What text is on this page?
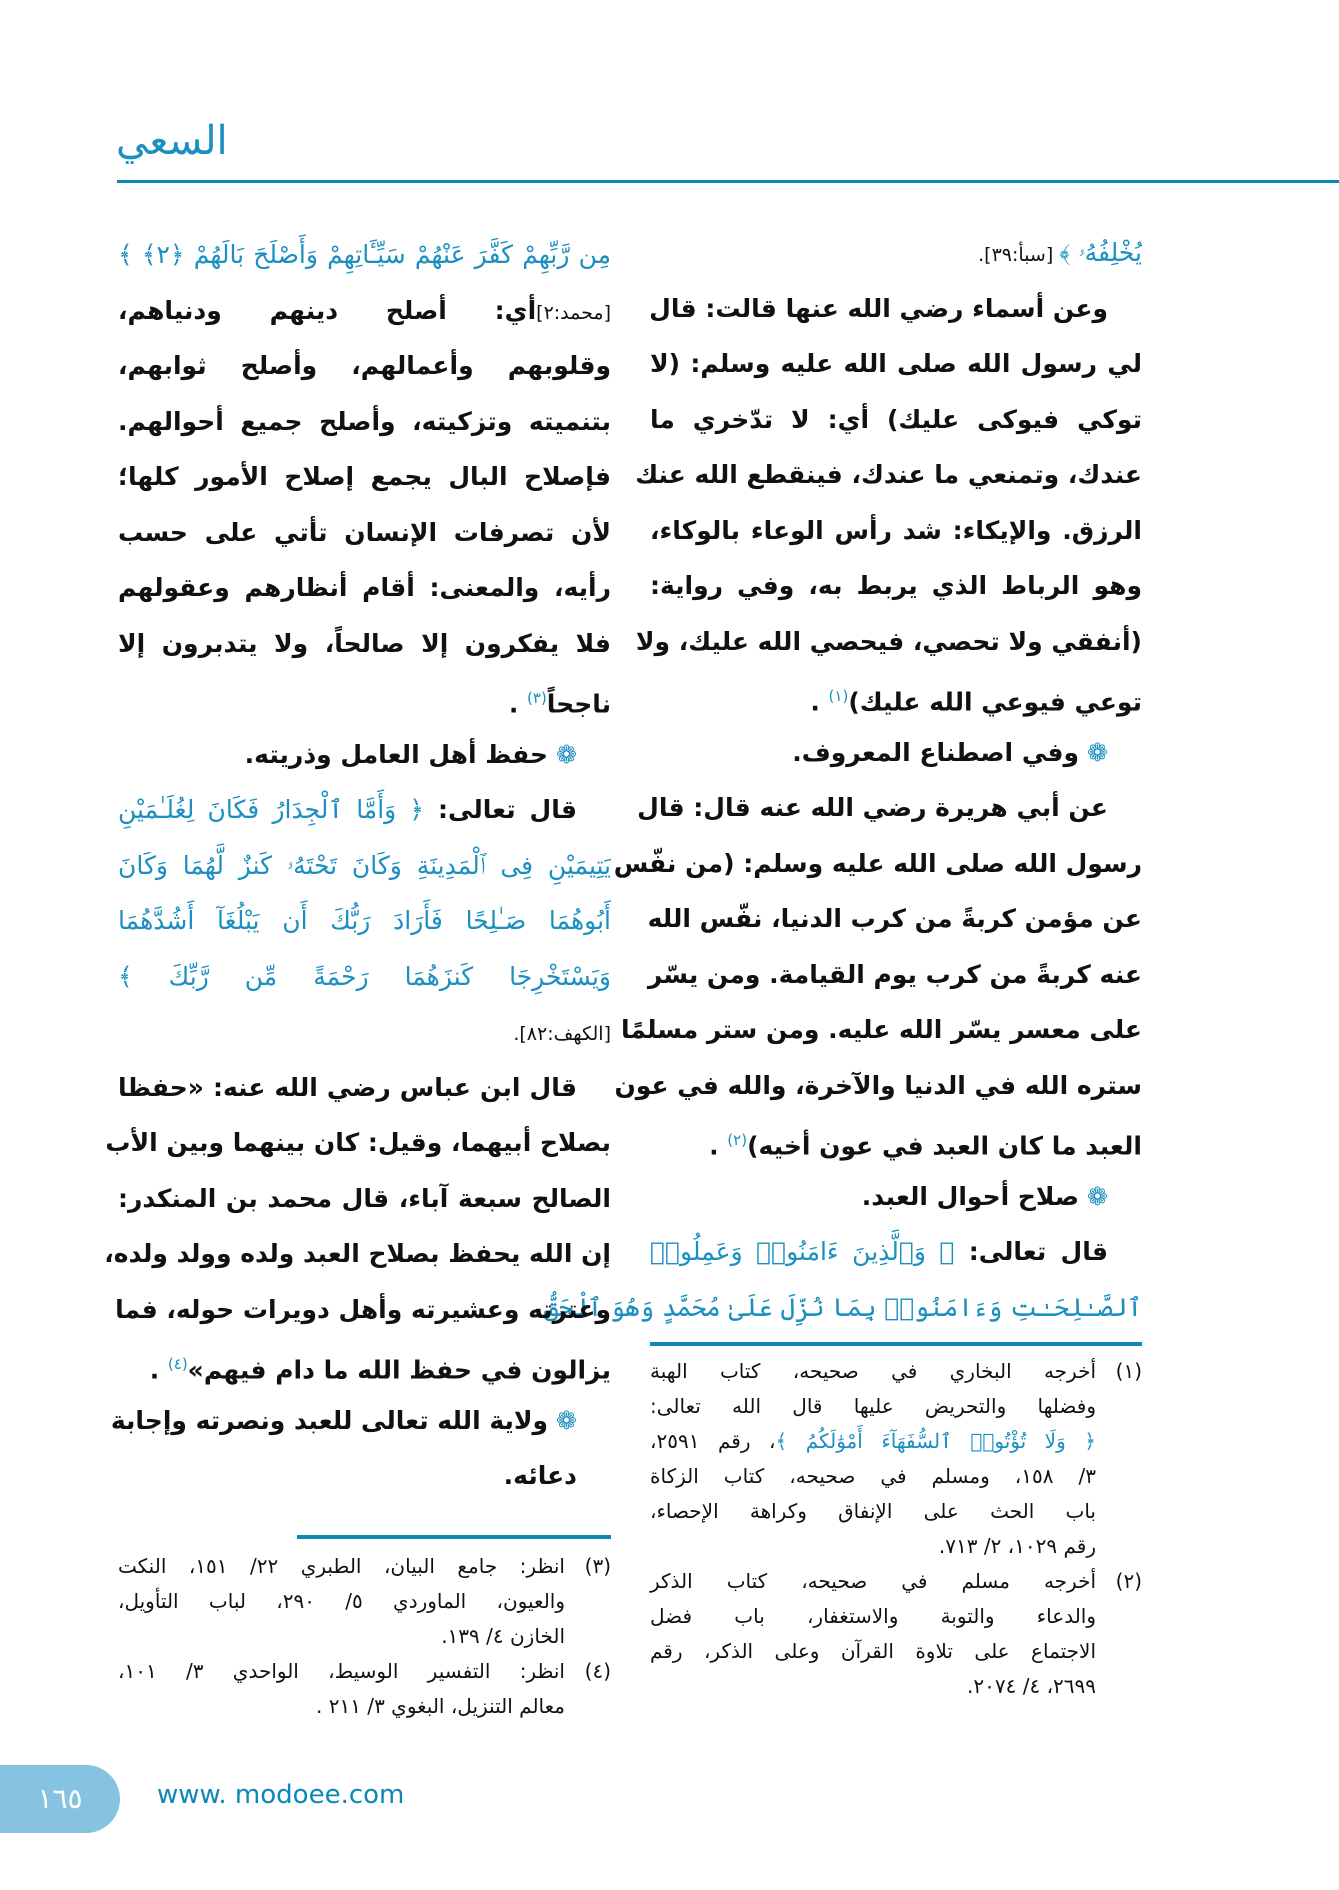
السعي
يُخْلِفُهُۥ ﴾ [سبأ:٣٩].
وعن أسماء رضي الله عنها قالت: قال
لي رسول الله صلى الله عليه وسلم: (لا
توكي فيوكى عليك) أي: لا تدّخري ما
عندك، وتمنعي ما عندك، فينقطع الله عنك
الرزق. والإيكاء: شد رأس الوعاء بالوكاء،
وهو الرباط الذي يربط به، وفي رواية:
(أنفقي ولا تحصي، فيحصي الله عليك، ولا
توعي فيوعي الله عليك)$^{(١)}$ .
❁وفي اصطناع المعروف.
عن أبي هريرة رضي الله عنه قال: قال
رسول الله صلى الله عليه وسلم: (من نفّس
عن مؤمن كربةً من كرب الدنيا، نفّس الله
عنه كربةً من كرب يوم القيامة. ومن يسّر
على معسر يسّر الله عليه. ومن ستر مسلمًا
ستره الله في الدنيا والآخرة، والله في عون
العبد ما كان العبد في عون أخيه)$^{(٢)}$ .
❁صلاح أحوال العبد.
قال تعالى: ﴿ وَٱلَّذِينَ ءَامَنُوا۟ وَعَمِلُوا۟
ٱلصَّـٰلِحَـٰتِ وَءَامَنُوا۟ بِمَا نُزِّلَ عَلَىٰ مُحَمَّدٍ وَهُوَ ٱلْحَقُّ
مِن رَّبِّهِمْ كَفَّرَ عَنْهُمْ سَيِّـَٔاتِهِمْ وَأَصْلَحَ بَالَهُمْ ﴿٢﴾ ﴾
[محمد:٢]أي: أصلح دينهم ودنياهم،
وقلوبهم وأعمالهم، وأصلح ثوابهم،
بتنميته وتزكيته، وأصلح جميع أحوالهم.
فإصلاح البال يجمع إصلاح الأمور كلها؛
لأن تصرفات الإنسان تأتي على حسب
رأيه، والمعنى: أقام أنظارهم وعقولهم
فلا يفكرون إلا صالحاً، ولا يتدبرون إلا
ناجحاً$^{(٣)}$ .
❁حفظ أهل العامل وذريته.
قال تعالى: ﴿ وَأَمَّا ٱلْجِدَارُ فَكَانَ لِغُلَـٰمَيْنِ
يَتِيمَيْنِ فِى ٱلْمَدِينَةِ وَكَانَ تَحْتَهُۥ كَنزٌ لَّهُمَا وَكَانَ
أَبُوهُمَا صَـٰلِحًا فَأَرَادَ رَبُّكَ أَن يَبْلُغَآ أَشُدَّهُمَا
وَيَسْتَخْرِجَا كَنزَهُمَا رَحْمَةً مِّن رَّبِّكَ ﴾
[الكهف:٨٢].
قال ابن عباس رضي الله عنه: «حفظا
بصلاح أبيهما، وقيل: كان بينهما وبين الأب
الصالح سبعة آباء، قال محمد بن المنكدر:
إن الله يحفظ بصلاح العبد ولده وولد ولده،
وعترته وعشيرته وأهل دويرات حوله، فما
يزالون في حفظ الله ما دام فيهم»$^{(٤)}$ .
❁ولاية الله تعالى للعبد ونصرته وإجابة
دعائه.
(١)
أخرجه البخاري في صحيحه، كتاب الهبة
وفضلها والتحريض عليها قال الله تعالى:
﴿ وَلَا تُؤْتُوا۟ ٱلسُّفَهَآءَ أَمْوَٰلَكُمُ ﴾، رقم ٢٥٩١،
٣/ ١٥٨، ومسلم في صحيحه، كتاب الزكاة
باب الحث على الإنفاق وكراهة الإحصاء،
رقم ١٠٢٩، ٢/ ٧١٣.
(٢)
أخرجه مسلم في صحيحه، كتاب الذكر
والدعاء والتوبة والاستغفار، باب فضل
الاجتماع على تلاوة القرآن وعلى الذكر، رقم
٢٦٩٩، ٤/ ٢٠٧٤.
(٣)
انظر: جامع البيان، الطبري ٢٢/ ١٥١، النكت
والعيون، الماوردي ٥/ ٢٩٠، لباب التأويل،
الخازن ٤/ ١٣٩.
(٤)
انظر: التفسير الوسيط، الواحدي ٣/ ١٠١،
معالم التنزيل، البغوي ٣/ ٢١١ .
١٦٥	www. modoee.com
